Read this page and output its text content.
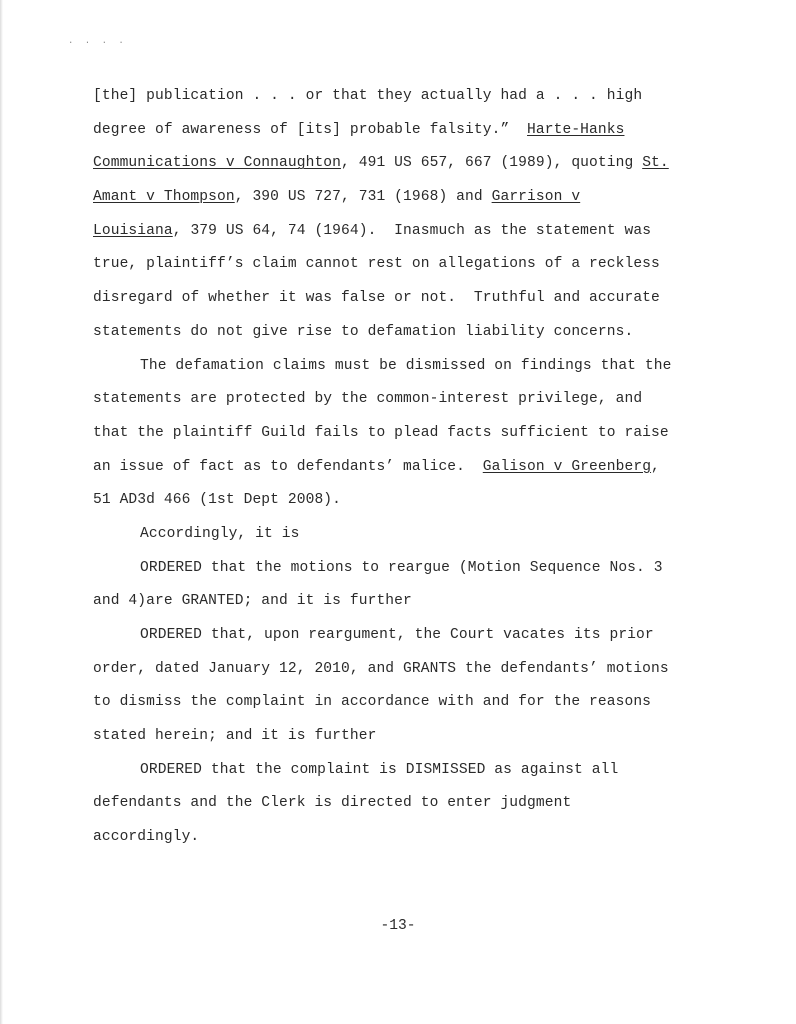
. . . .

[the] publication . . . or that they actually had a . . . high

degree of awareness of [its] probable falsity.”  Harte-Hanks

Communications v Connaughton, 491 US 657, 667 (1989), quoting St.

Amant v Thompson, 390 US 727, 731 (1968) and Garrison v

Louisiana, 379 US 64, 74 (1964).  Inasmuch as the statement was

true, plaintiff’s claim cannot rest on allegations of a reckless

disregard of whether it was false or not.  Truthful and accurate

statements do not give rise to defamation liability concerns.

The defamation claims must be dismissed on findings that the

statements are protected by the common-interest privilege, and

that the plaintiff Guild fails to plead facts sufficient to raise

an issue of fact as to defendants’ malice.  Galison v Greenberg,

51 AD3d 466 (1st Dept 2008).

Accordingly, it is

ORDERED that the motions to reargue (Motion Sequence Nos. 3

and 4)are GRANTED; and it is further

ORDERED that, upon reargument, the Court vacates its prior

order, dated January 12, 2010, and GRANTS the defendants’ motions

to dismiss the complaint in accordance with and for the reasons

stated herein; and it is further

ORDERED that the complaint is DISMISSED as against all

defendants and the Clerk is directed to enter judgment

accordingly.

-13-
